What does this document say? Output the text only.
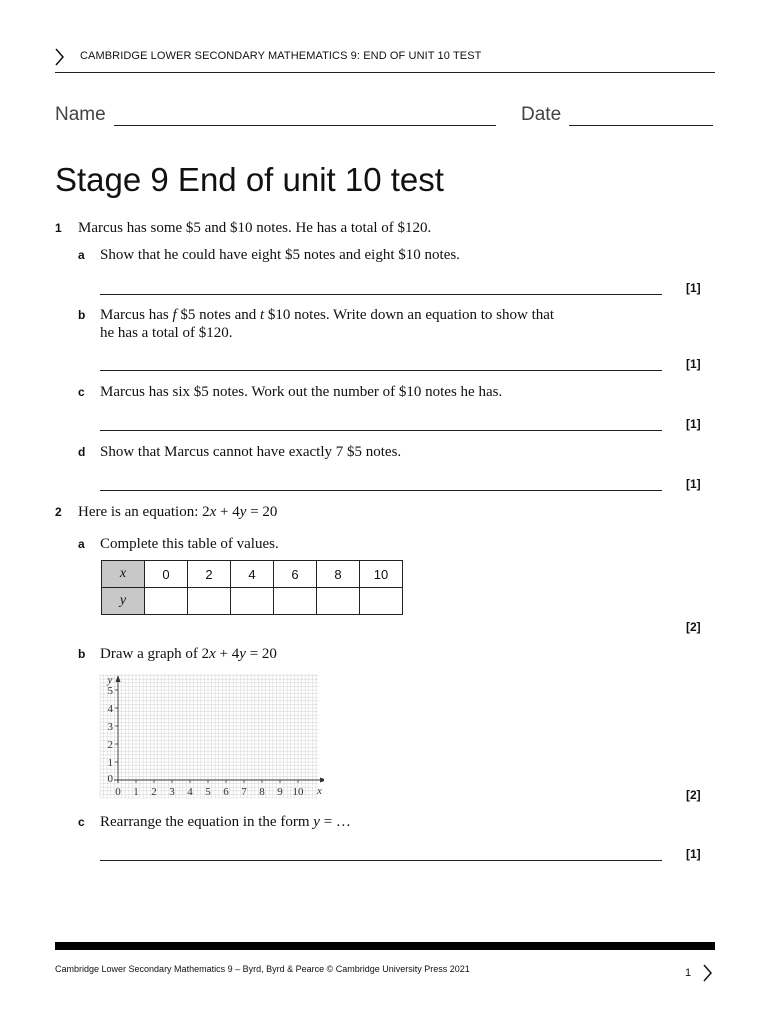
CAMBRIDGE LOWER SECONDARY MATHEMATICS 9: END OF UNIT 10 TEST
Name	Date
Stage 9 End of unit 10 test
1 Marcus has some $5 and $10 notes. He has a total of $120.
a Show that he could have eight $5 notes and eight $10 notes.
[1]
b Marcus has f $5 notes and t $10 notes. Write down an equation to show that
he has a total of $120.
[1]
c Marcus has six $5 notes. Work out the number of $10 notes he has.
[1]
d Show that Marcus cannot have exactly 7 $5 notes.
[1]
2 Here is an equation: 2x + 4y = 20
a Complete this table of values.
x	0	2	4	6	8	10
y						
[2]
b Draw a graph of 2x + 4y = 20
0 1 2 3 4 5 6 7 8 9 10 x
0
1
2
3
4
5
y
[2]
c Rearrange the equation in the form y = …
[1]
Cambridge Lower Secondary Mathematics 9 – Byrd, Byrd & Pearce © Cambridge University Press 2021	1
